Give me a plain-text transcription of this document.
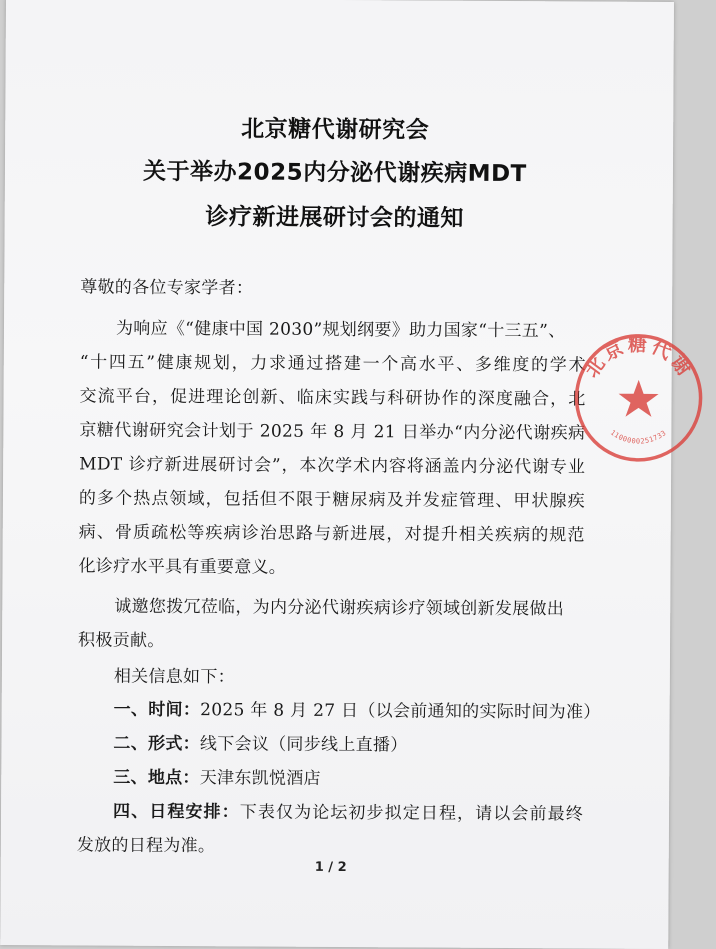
北京糖代谢研究会
关于举办2025内分泌代谢疾病MDT
诊疗新进展研讨会的通知
尊敬的各位专家学者：
为响应《“健康中国 2030”规划纲要》助力国家“十三五”、
“十四五”健康规划，力求通过搭建一个高水平、多维度的学术
交流平台，促进理论创新、临床实践与科研协作的深度融合，北
京糖代谢研究会计划于 2025 年 8 月 21 日举办“内分泌代谢疾病
MDT 诊疗新进展研讨会”，本次学术内容将涵盖内分泌代谢专业
的多个热点领域，包括但不限于糖尿病及并发症管理、甲状腺疾
病、骨质疏松等疾病诊治思路与新进展，对提升相关疾病的规范
化诊疗水平具有重要意义。
诚邀您拨冗莅临，为内分泌代谢疾病诊疗领域创新发展做出
积极贡献。
相关信息如下：
一、时间：2025 年 8 月 27 日（以会前通知的实际时间为准）
二、形式：线下会议（同步线上直播）
三、地点：天津东凯悦酒店
四、日程安排：下表仅为论坛初步拟定日程，请以会前最终
发放的日程为准。
1 / 2
北京糖代谢
1100000251733
